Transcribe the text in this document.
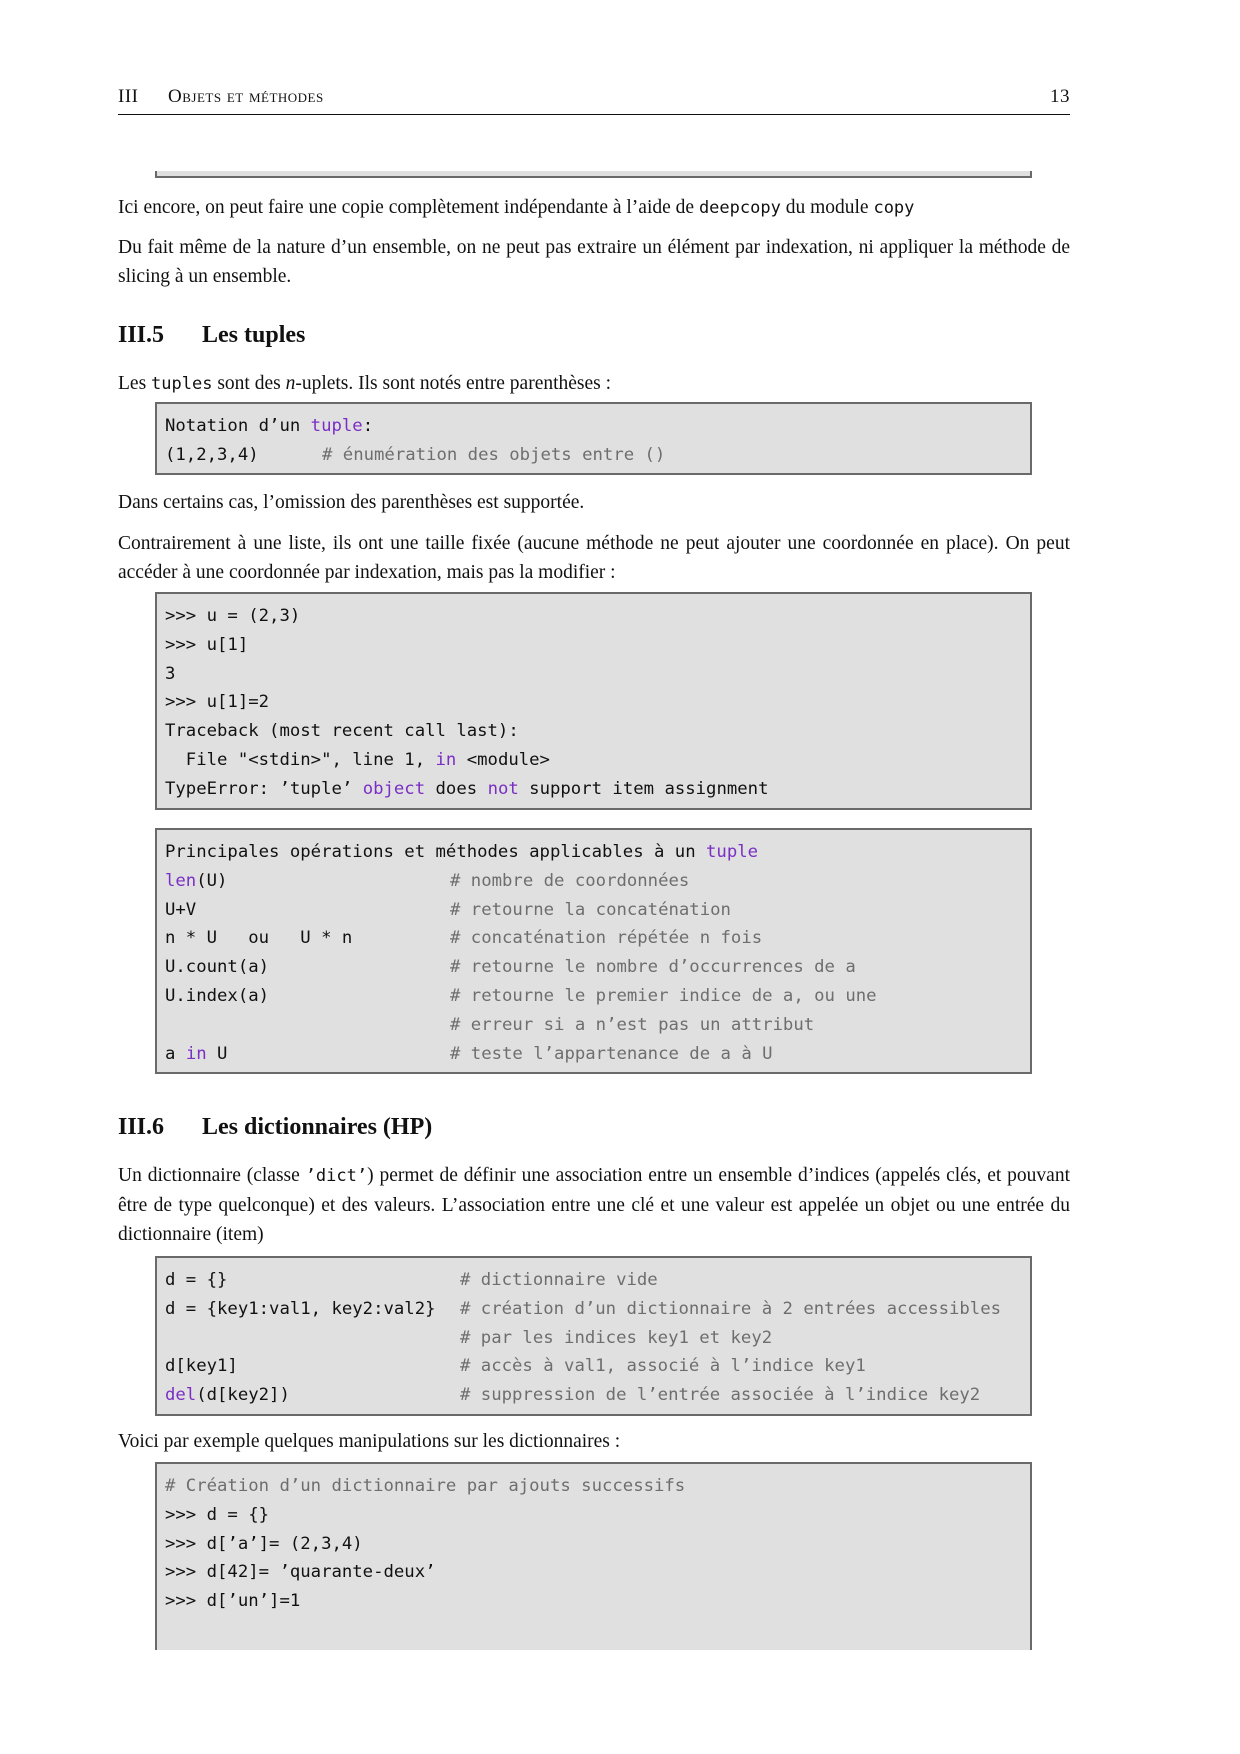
III Objets et méthodes	13
Ici encore, on peut faire une copie complètement indépendante à l’aide de deepcopy du module copy
Du fait même de la nature d’un ensemble, on ne peut pas extraire un élément par indexation, ni appliquer la méthode de slicing à un ensemble.
III.5 Les tuples
Les tuples sont des n-uplets. Ils sont notés entre parenthèses :
Notation d’un tuple:
(1,2,3,4)	# énumération des objets entre ()
Dans certains cas, l’omission des parenthèses est supportée.
Contrairement à une liste, ils ont une taille fixée (aucune méthode ne peut ajouter une coordonnée en place). On peut accéder à une coordonnée par indexation, mais pas la modifier :
>>> u = (2,3)
>>> u[1]
3
>>> u[1]=2
Traceback (most recent call last):
File "<stdin>", line 1, in <module>
TypeError: ’tuple’ object does not support item assignment
Principales opérations et méthodes applicables à un tuple
len(U)	# nombre de coordonnées
U+V	# retourne la concaténation
n * U   ou   U * n	# concaténation répétée n fois
U.count(a)	# retourne le nombre d’occurrences de a
U.index(a)	# retourne le premier indice de a, ou une
# erreur si a n’est pas un attribut
a in U	# teste l’appartenance de a à U
III.6 Les dictionnaires (HP)
Un dictionnaire (classe ’dict’) permet de définir une association entre un ensemble d’indices (appelés clés, et pouvant être de type quelconque) et des valeurs. L’association entre une clé et une valeur est appelée un objet ou une entrée du dictionnaire (item)
d = {}	# dictionnaire vide
d = {key1:val1, key2:val2} # création d’un dictionnaire à 2 entrées accessibles
# par les indices key1 et key2
d[key1]	# accès à val1, associé à l’indice key1
del(d[key2])	# suppression de l’entrée associée à l’indice key2
Voici par exemple quelques manipulations sur les dictionnaires :
# Création d’un dictionnaire par ajouts successifs
>>> d = {}
>>> d[’a’]= (2,3,4)
>>> d[42]= ’quarante-deux’
>>> d[’un’]=1
